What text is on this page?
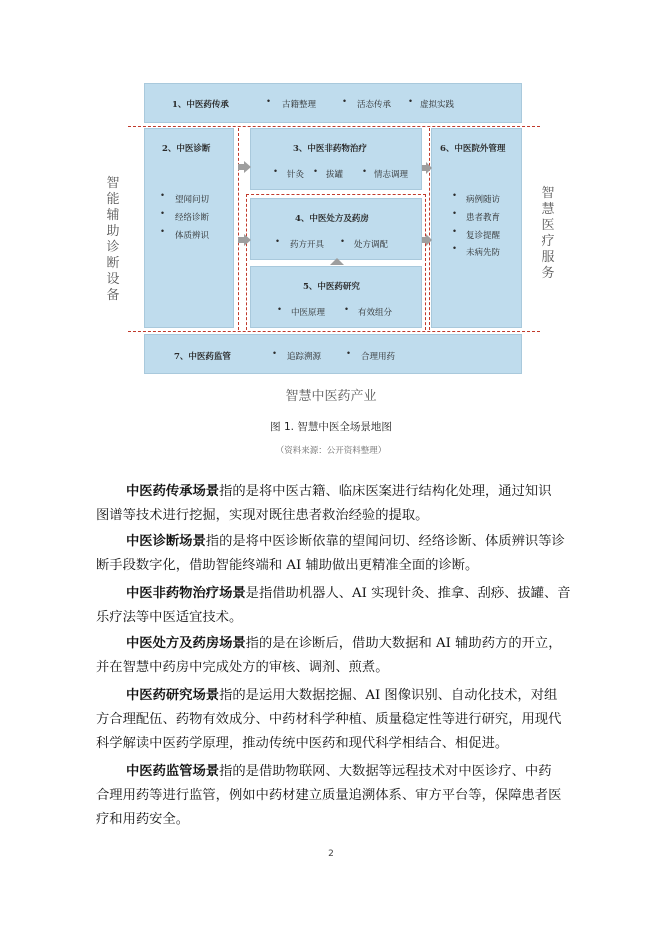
1、中医药传承	• 古籍整理	• 活态传承 • 虚拟实践
2、中医诊断
• 望闻问切
• 经络诊断
• 体质辨识
3、中医非药物治疗
• 针灸 • 拔罐 • 情志调理
4、中医处方及药房
• 药方开具 • 处方调配
5、中医药研究
• 中医原理 • 有效组分
6、中医院外管理
• 病例随访
• 患者教育
• 复诊提醒
• 未病先防
7、中医药监管	• 追踪溯源	• 合理用药
智
能
辅
助
诊
断
设
备
智
慧
医
疗
服
务
智慧中医药产业
图 1. 智慧中医全场景地图
（资料来源：公开资料整理）
中医药传承场景指的是将中医古籍、临床医案进行结构化处理，通过知识
图谱等技术进行挖掘，实现对既往患者救治经验的提取。
中医诊断场景指的是将中医诊断依靠的望闻问切、经络诊断、体质辨识等诊
断手段数字化，借助智能终端和 AI 辅助做出更精准全面的诊断。
中医非药物治疗场景是指借助机器人、AI 实现针灸、推拿、刮痧、拔罐、音
乐疗法等中医适宜技术。
中医处方及药房场景指的是在诊断后，借助大数据和 AI 辅助药方的开立，
并在智慧中药房中完成处方的审核、调剂、煎煮。
中医药研究场景指的是运用大数据挖掘、AI 图像识别、自动化技术，对组
方合理配伍、药物有效成分、中药材科学种植、质量稳定性等进行研究，用现代
科学解读中医药学原理，推动传统中医药和现代科学相结合、相促进。
中医药监管场景指的是借助物联网、大数据等远程技术对中医诊疗、中药
合理用药等进行监管，例如中药材建立质量追溯体系、审方平台等，保障患者医
疗和用药安全。
2
